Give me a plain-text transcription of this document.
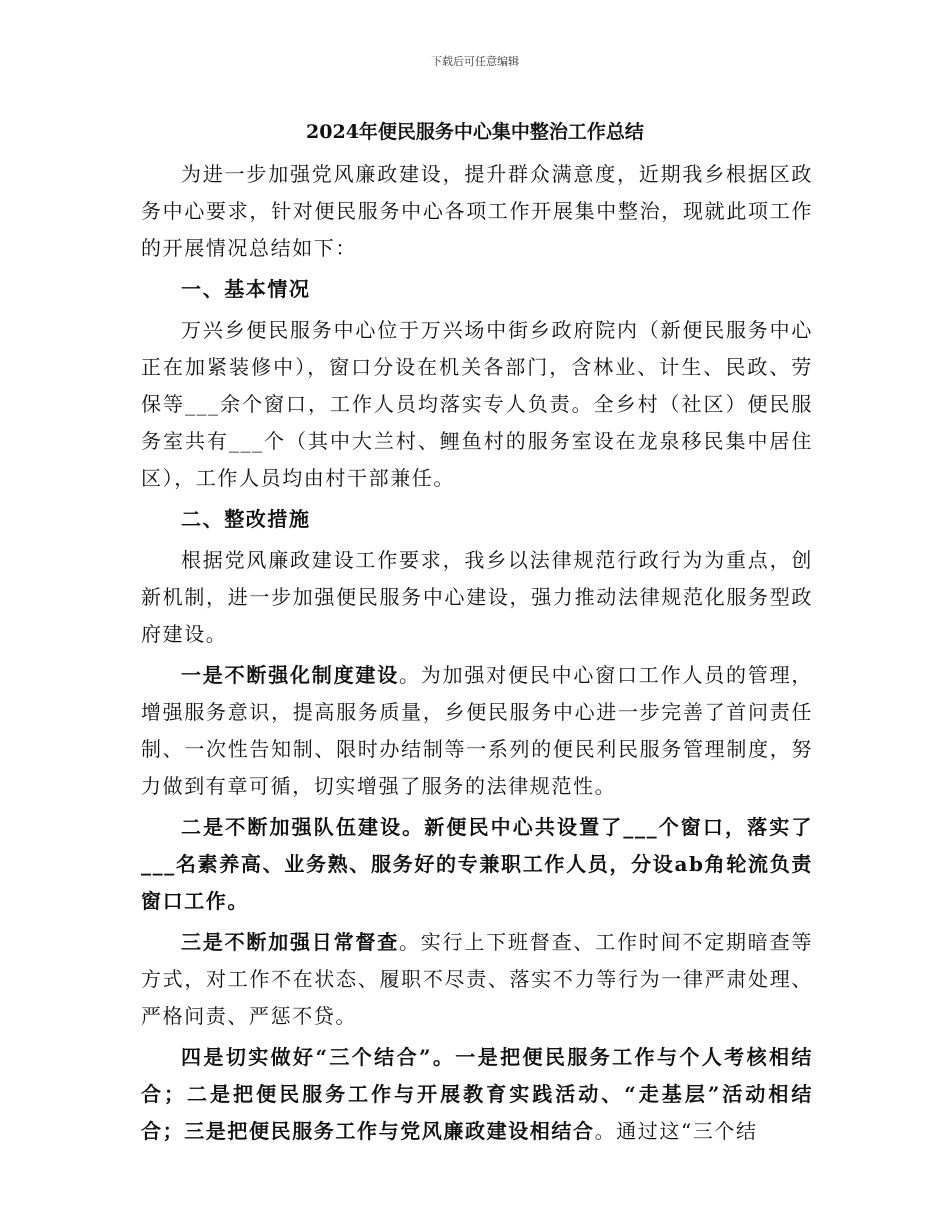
下载后可任意编辑
2024年便民服务中心集中整治工作总结

为进一步加强党风廉政建设，提升群众满意度，近期我乡根据区政务中心要求，针对便民服务中心各项工作开展集中整治，现就此项工作的开展情况总结如下：

一、基本情况

万兴乡便民服务中心位于万兴场中街乡政府院内（新便民服务中心正在加紧装修中），窗口分设在机关各部门，含林业、计生、民政、劳保等___余个窗口，工作人员均落实专人负责。全乡村（社区）便民服务室共有___个（其中大兰村、鲤鱼村的服务室设在龙泉移民集中居住区），工作人员均由村干部兼任。

二、整改措施

根据党风廉政建设工作要求，我乡以法律规范行政行为为重点，创新机制，进一步加强便民服务中心建设，强力推动法律规范化服务型政府建设。

一是不断强化制度建设。为加强对便民中心窗口工作人员的管理，增强服务意识，提高服务质量，乡便民服务中心进一步完善了首问责任制、一次性告知制、限时办结制等一系列的便民利民服务管理制度，努力做到有章可循，切实增强了服务的法律规范性。

二是不断加强队伍建设。新便民中心共设置了___个窗口，落实了___名素养高、业务熟、服务好的专兼职工作人员，分设ab角轮流负责窗口工作。

三是不断加强日常督查。实行上下班督查、工作时间不定期暗查等方式，对工作不在状态、履职不尽责、落实不力等行为一律严肃处理、严格问责、严惩不贷。

四是切实做好“三个结合”。一是把便民服务工作与个人考核相结合；二是把便民服务工作与开展教育实践活动、“走基层”活动相结合；三是把便民服务工作与党风廉政建设相结合。通过这“三个结
